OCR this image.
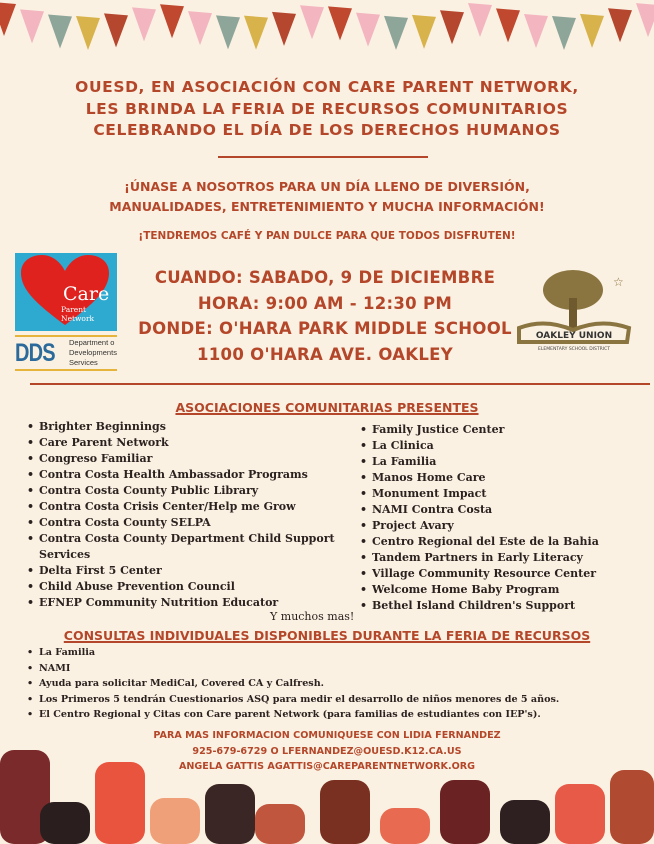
OUESD, EN ASOCIACIÓN CON CARE PARENT NETWORK,
LES BRINDA LA FERIA DE RECURSOS COMUNITARIOS
CELEBRANDO EL DÍA DE LOS DERECHOS HUMANOS
¡ÚNASE A NOSOTROS PARA UN DÍA LLENO DE DIVERSIÓN,
MANUALIDADES, ENTRETENIMIENTO Y MUCHA INFORMACIÓN!
¡TENDREMOS CAFÉ Y PAN DULCE PARA QUE TODOS DISFRUTEN!
Care
Parent Network
DDS Department o
Developments
Services
CUANDO: SABADO, 9 DE DICIEMBRE
HORA: 9:00 AM - 12:30 PM
DONDE: O'HARA PARK MIDDLE SCHOOL
1100 O'HARA AVE. OAKLEY
☆
OAKLEY UNION
ELEMENTARY SCHOOL DISTRICT
ASOCIACIONES COMUNITARIAS PRESENTES
• Brighter Beginnings
• Care Parent Network
• Congreso Familiar
• Contra Costa Health Ambassador Programs
• Contra Costa County Public Library
• Contra Costa Crisis Center/Help me Grow
• Contra Costa County SELPA
• Contra Costa County Department Child Support Services
• Delta First 5 Center
• Child Abuse Prevention Council
• EFNEP Community Nutrition Educator
• Family Justice Center
• La Clinica
• La Familia
• Manos Home Care
• Monument Impact
• NAMI Contra Costa
• Project Avary
• Centro Regional del Este de la Bahia
• Tandem Partners in Early Literacy
• Village Community Resource Center
• Welcome Home Baby Program
• Bethel Island Children's Support
Y muchos mas!
CONSULTAS INDIVIDUALES DISPONIBLES DURANTE LA FERIA DE RECURSOS
• La Familia
• NAMI
• Ayuda para solicitar MediCal, Covered CA y Calfresh.
• Los Primeros 5 tendrán Cuestionarios ASQ para medir el desarrollo de niños menores de 5 años.
• El Centro Regional y Citas con Care parent Network (para familias de estudiantes con IEP's).
PARA MAS INFORMACION COMUNIQUESE CON LIDIA FERNANDEZ
925-679-6729 O LFERNANDEZ@OUESD.K12.CA.US
ANGELA GATTIS AGATTIS@CAREPARENTNETWORK.ORG
